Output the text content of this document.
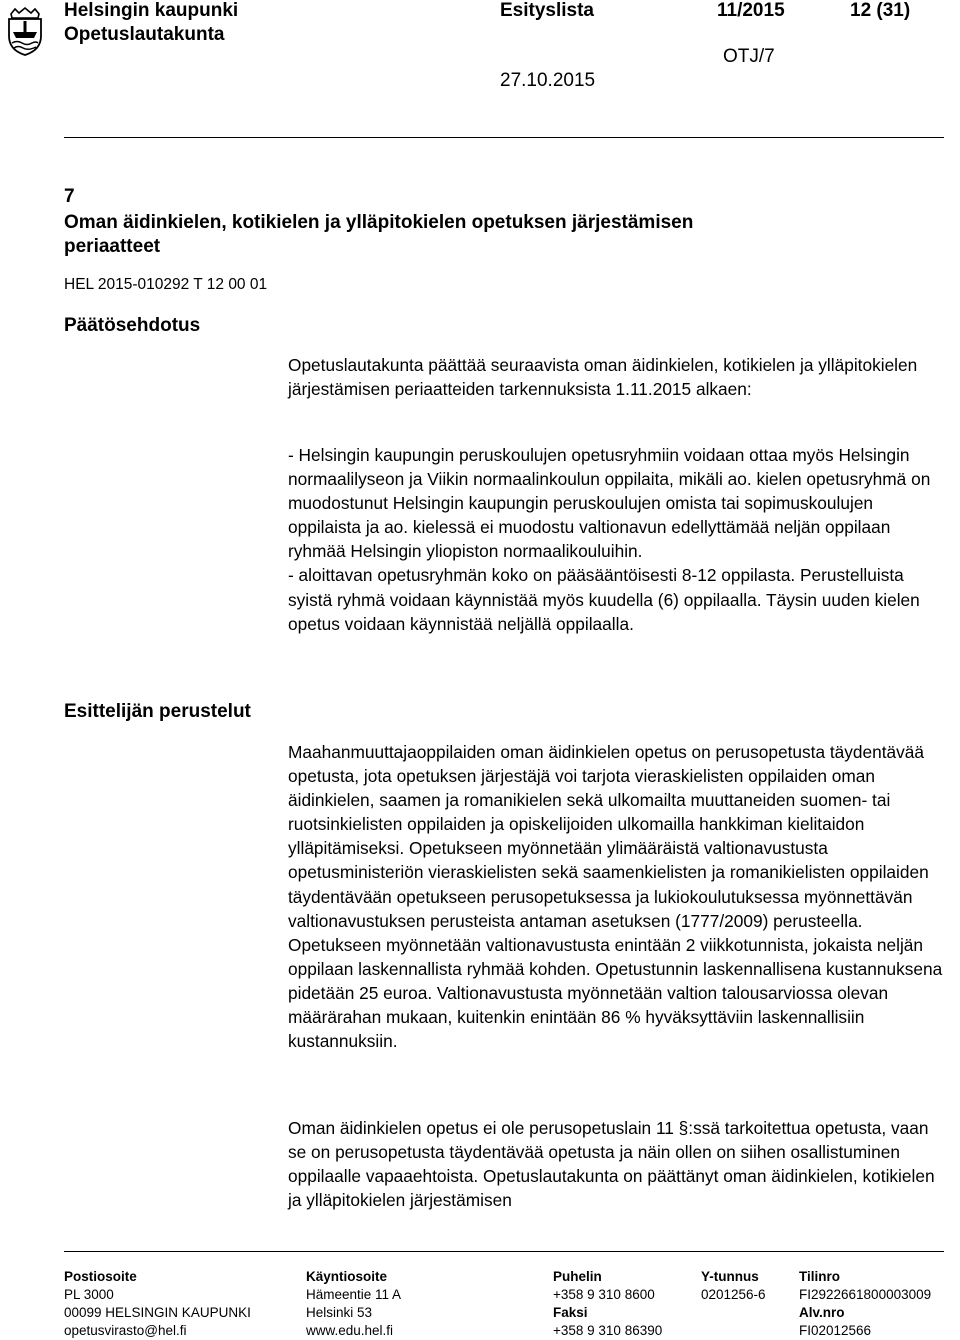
Helsingin kaupunki
Opetuslautakunta
Esityslista	11/2015	12 (31)
OTJ/7
27.10.2015
7
Oman äidinkielen, kotikielen ja ylläpitokielen opetuksen järjestämisen periaatteet
HEL 2015-010292 T 12 00 01
Päätösehdotus
Esittelijän perustelut
Opetuslautakunta päättää seuraavista oman äidinkielen, kotikielen ja ylläpitokielen järjestämisen periaatteiden tarkennuksista 1.11.2015 alkaen:
- Helsingin kaupungin peruskoulujen opetusryhmiin voidaan ottaa myös Helsingin normaalilyseon ja Viikin normaalinkoulun oppilaita, mikäli ao. kielen opetusryhmä on muodostunut Helsingin kaupungin peruskoulujen omista tai sopimuskoulujen oppilaista ja ao. kielessä ei muodostu valtionavun edellyttämää neljän oppilaan ryhmää Helsingin yliopiston normaalikouluihin.
- aloittavan opetusryhmän koko on pääsääntöisesti 8-12 oppilasta. Perustelluista syistä ryhmä voidaan käynnistää myös kuudella (6) oppilaalla. Täysin uuden kielen opetus voidaan käynnistää neljällä oppilaalla.
Maahanmuuttajaoppilaiden oman äidinkielen opetus on perusopetusta täydentävää opetusta, jota opetuksen järjestäjä voi tarjota vieraskielisten oppilaiden oman äidinkielen, saamen ja romanikielen sekä ulkomailta muuttaneiden suomen- tai ruotsinkielisten oppilaiden ja opiskelijoiden ulkomailla hankkiman kielitaidon ylläpitämiseksi. Opetukseen myönnetään ylimääräistä valtionavustusta opetusministeriön vieraskielisten sekä saamenkielisten ja romanikielisten oppilaiden täydentävään opetukseen perusopetuksessa ja lukiokoulutuksessa myönnettävän valtionavustuksen perusteista antaman asetuksen (1777/2009) perusteella. Opetukseen myönnetään valtionavustusta enintään 2 viikkotunnista, jokaista neljän oppilaan laskennallista ryhmää kohden. Opetustunnin laskennallisena kustannuksena pidetään 25 euroa. Valtionavustusta myönnetään valtion talousarviossa olevan määrärahan mukaan, kuitenkin enintään 86 % hyväksyttäviin laskennallisiin kustannuksiin.
Oman äidinkielen opetus ei ole perusopetuslain 11 §:ssä tarkoitettua opetusta, vaan se on perusopetusta täydentävää opetusta ja näin ollen on siihen osallistuminen oppilaalle vapaaehtoista. Opetuslautakunta on päättänyt oman äidinkielen, kotikielen ja ylläpitokielen järjestämisen
Postiosoite
PL 3000
00099 HELSINGIN KAUPUNKI
opetusvirasto@hel.fi
Käyntiosoite
Hämeentie 11 A
Helsinki 53
www.edu.hel.fi
Puhelin
+358 9 310 8600
Faksi
+358 9 310 86390
Y-tunnus
0201256-6
Tilinro
FI2922661800003009
Alv.nro
FI02012566
